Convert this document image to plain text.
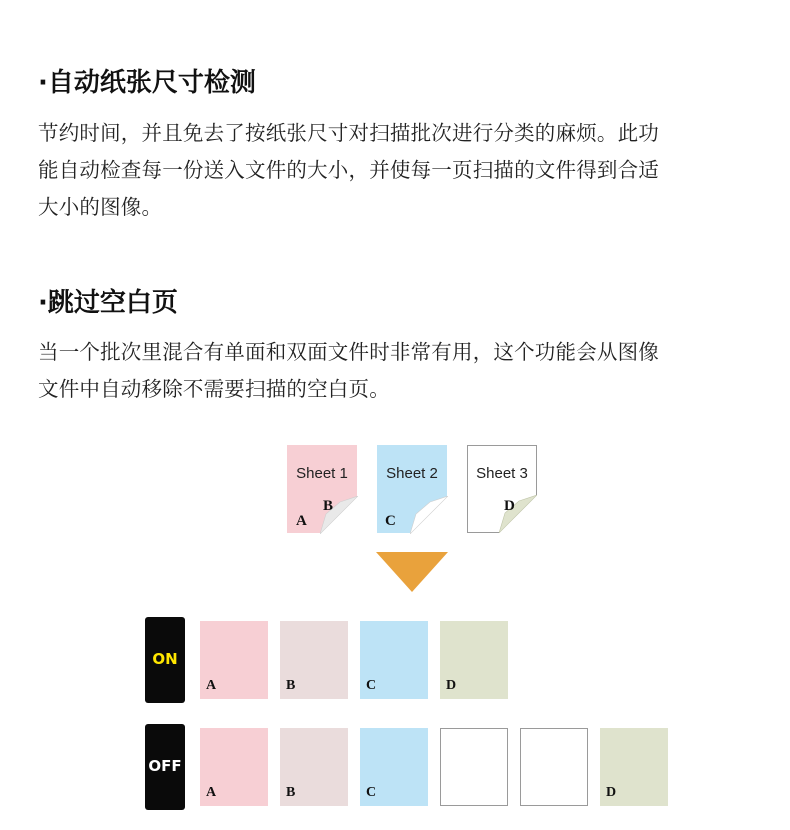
·自动纸张尺寸检测

节约时间，并且免去了按纸张尺寸对扫描批次进行分类的麻烦。此功
能自动检查每一份送入文件的大小，并使每一页扫描的文件得到合适
大小的图像。

·跳过空白页

当一个批次里混合有单面和双面文件时非常有用，这个功能会从图像
文件中自动移除不需要扫描的空白页。

Sheet 1
A
B
Sheet 2
C
Sheet 3
D
ON
A	B	C	D
OFF
A	B	C	D
